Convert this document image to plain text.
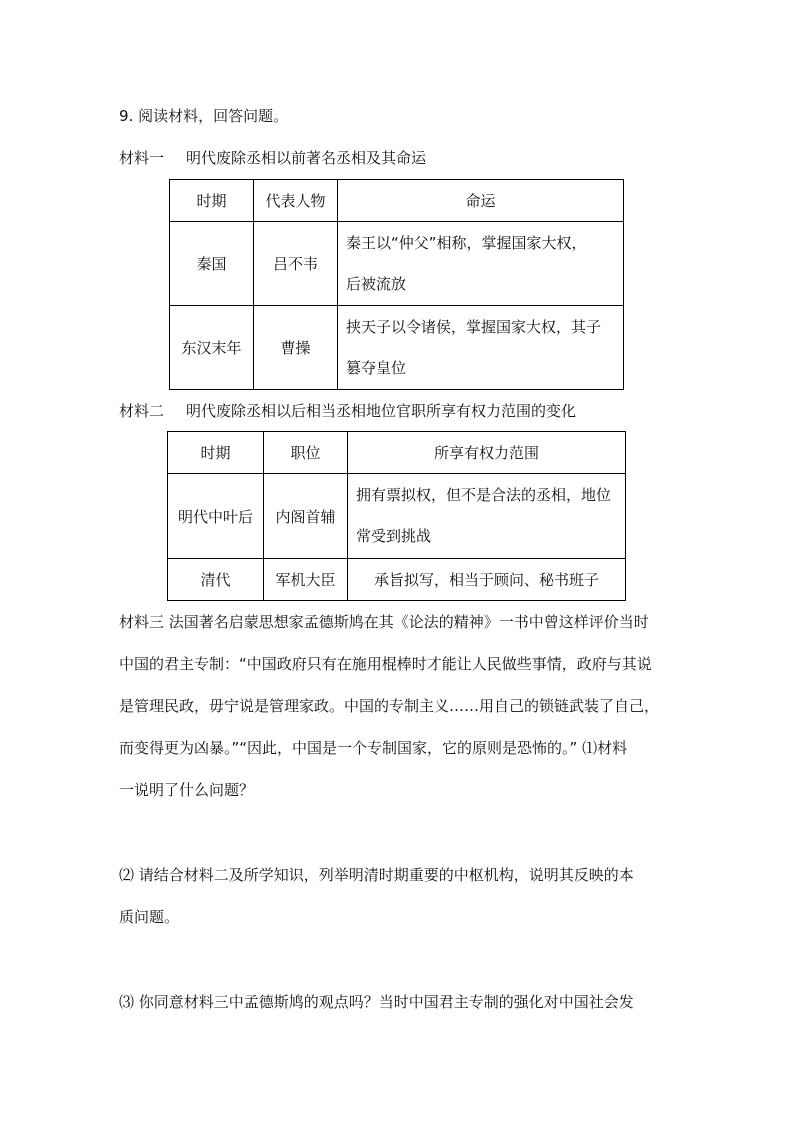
9. 阅读材料，回答问题。
材料一 明代废除丞相以前著名丞相及其命运
时期	代表人物	命运
秦国	吕不韦	秦王以“仲父”相称，掌握国家大权，
后被流放

东汉末年	曹操	挟天子以令诸侯，掌握国家大权，其子
篡夺皇位
材料二 明代废除丞相以后相当丞相地位官职所享有权力范围的变化
时期	职位	所享有权力范围
明代中叶后	内阁首辅	拥有票拟权，但不是合法的丞相，地位
常受到挑战

清代	军机大臣	承旨拟写，相当于顾问、秘书班子
材料三 法国著名启蒙思想家孟德斯鸠在其《论法的精神》一书中曾这样评价当时
中国的君主专制：“中国政府只有在施用棍棒时才能让人民做些事情，政府与其说
是管理民政，毋宁说是管理家政。中国的专制主义……用自己的锁链武装了自己，
而变得更为凶暴。”“因此，中国是一个专制国家，它的原则是恐怖的。” ⑴材料
一说明了什么问题？
⑵ 请结合材料二及所学知识，列举明清时期重要的中枢机构，说明其反映的本
质问题。
⑶ 你同意材料三中孟德斯鸠的观点吗？当时中国君主专制的强化对中国社会发
